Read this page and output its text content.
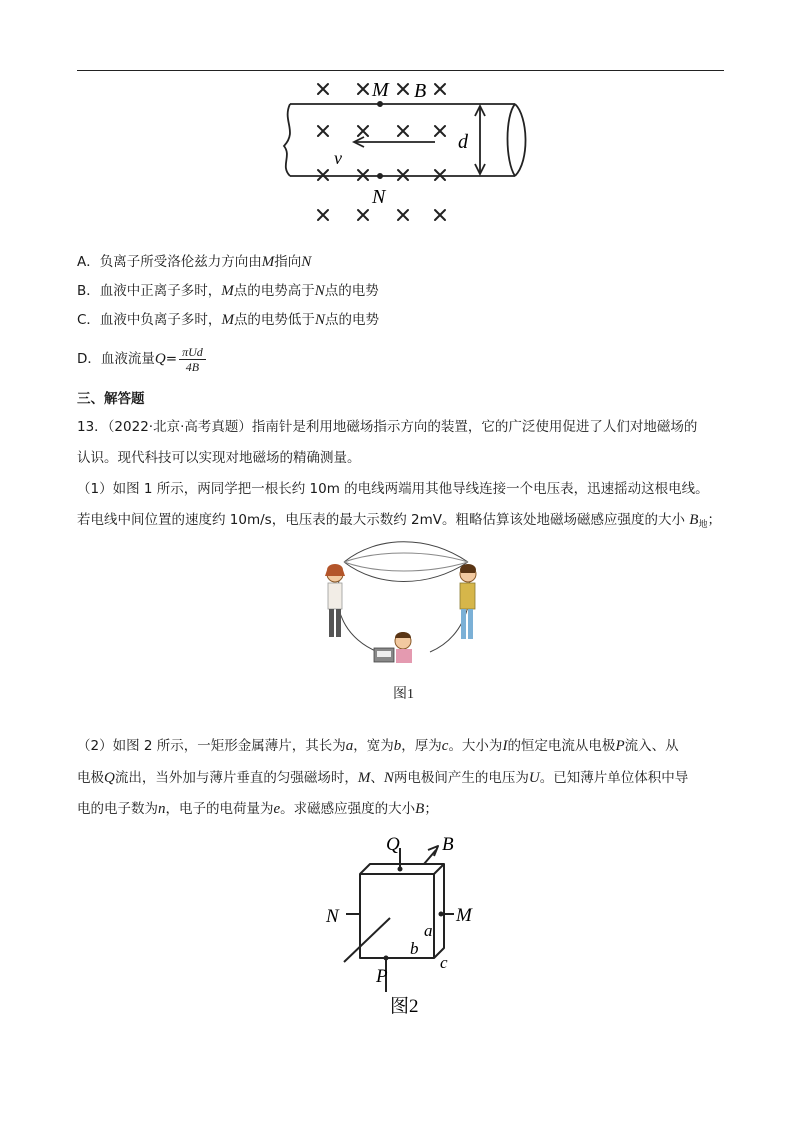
M B
d
v
N
A．负离子所受洛伦兹力方向由M指向N
B．血液中正离子多时，M点的电势高于N点的电势
C．血液中负离子多时，M点的电势低于N点的电势
D．血液流量$Q= \frac{\text{πUd}}{4B}$
三、解答题
13．（2022·北京·高考真题）指南针是利用地磁场指示方向的装置，它的广泛使用促进了人们对地磁场的
认识。现代科技可以实现对地磁场的精确测量。
（1）如图 1 所示，两同学把一根长约 10m 的电线两端用其他导线连接一个电压表，迅速摇动这根电线。
若电线中间位置的速度约 10m/s，电压表的最大示数约 2mV。粗略估算该处地磁场磁感应强度的大小 $B_地$；
图1
（2）如图 2 所示，一矩形金属薄片，其长为a，宽为b，厚为c。大小为I的恒定电流从电极P流入、从
电极Q流出，当外加与薄片垂直的匀强磁场时，M、N两电极间产生的电压为U。已知薄片单位体积中导
电的电子数为n，电子的电荷量为e。求磁感应强度的大小B；
Q B
N	M
a
b
c
P
图2
